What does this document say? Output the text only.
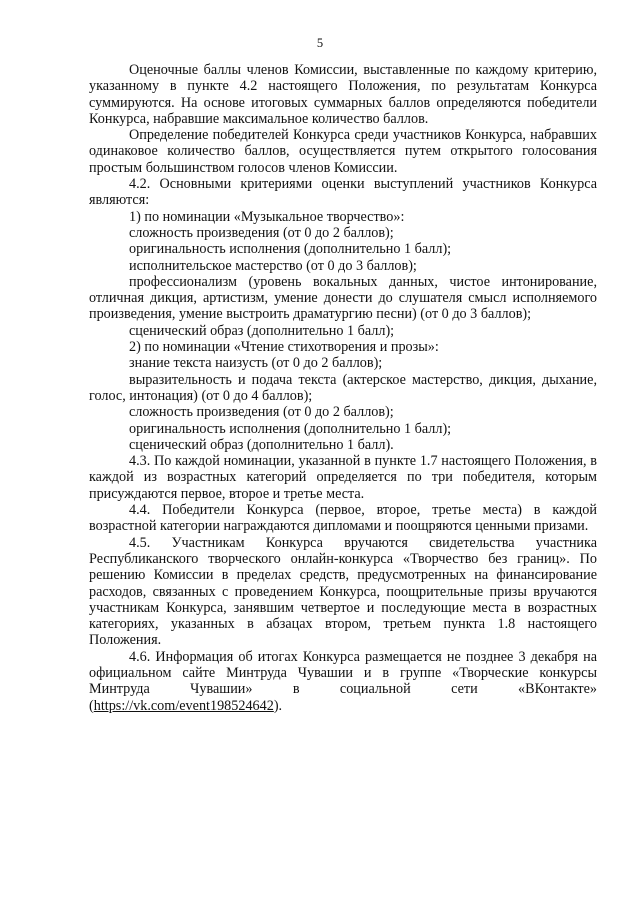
5

Оценочные баллы членов Комиссии, выставленные по каждому критерию, указанному в пункте 4.2 настоящего Положения, по результатам Конкурса суммируются. На основе итоговых суммарных баллов определяются победители Конкурса, набравшие максимальное количество баллов.

Определение победителей Конкурса среди участников Конкурса, набравших одинаковое количество баллов, осуществляется путем открытого голосования простым большинством голосов членов Комиссии.

4.2. Основными критериями оценки выступлений участников Конкурса являются:

1) по номинации «Музыкальное творчество»:

сложность произведения (от 0 до 2 баллов);

оригинальность исполнения (дополнительно 1 балл);

исполнительское мастерство (от 0 до 3 баллов);

профессионализм (уровень вокальных данных, чистое интонирование, отличная дикция, артистизм, умение донести до слушателя смысл исполняемого произведения, умение выстроить драматургию песни) (от 0 до 3 баллов);

сценический образ (дополнительно 1 балл);

2) по номинации «Чтение стихотворения и прозы»:

знание текста наизусть (от 0 до 2 баллов);

выразительность и подача текста (актерское мастерство, дикция, дыхание, голос, интонация) (от 0 до 4 баллов);

сложность произведения (от 0 до 2 баллов);

оригинальность исполнения (дополнительно 1 балл);

сценический образ (дополнительно 1 балл).

4.3. По каждой номинации, указанной в пункте 1.7 настоящего Положения, в каждой из возрастных категорий определяется по три победителя, которым присуждаются первое, второе и третье места.

4.4. Победители Конкурса (первое, второе, третье места) в каждой возрастной категории награждаются дипломами и поощряются ценными призами.

4.5. Участникам Конкурса вручаются свидетельства участника Республиканского творческого онлайн-конкурса «Творчество без границ». По решению Комиссии в пределах средств, предусмотренных на финансирование расходов, связанных с проведением Конкурса, поощрительные призы вручаются участникам Конкурса, занявшим четвертое и последующие места в возрастных категориях, указанных в абзацах втором, третьем пункта 1.8 настоящего Положения.

4.6. Информация об итогах Конкурса размещается не позднее 3 декабря на официальном сайте Минтруда Чувашии и в группе «Творческие конкурсы Минтруда Чувашии» в социальной сети «ВКонтакте» (https://vk.com/event198524642).
